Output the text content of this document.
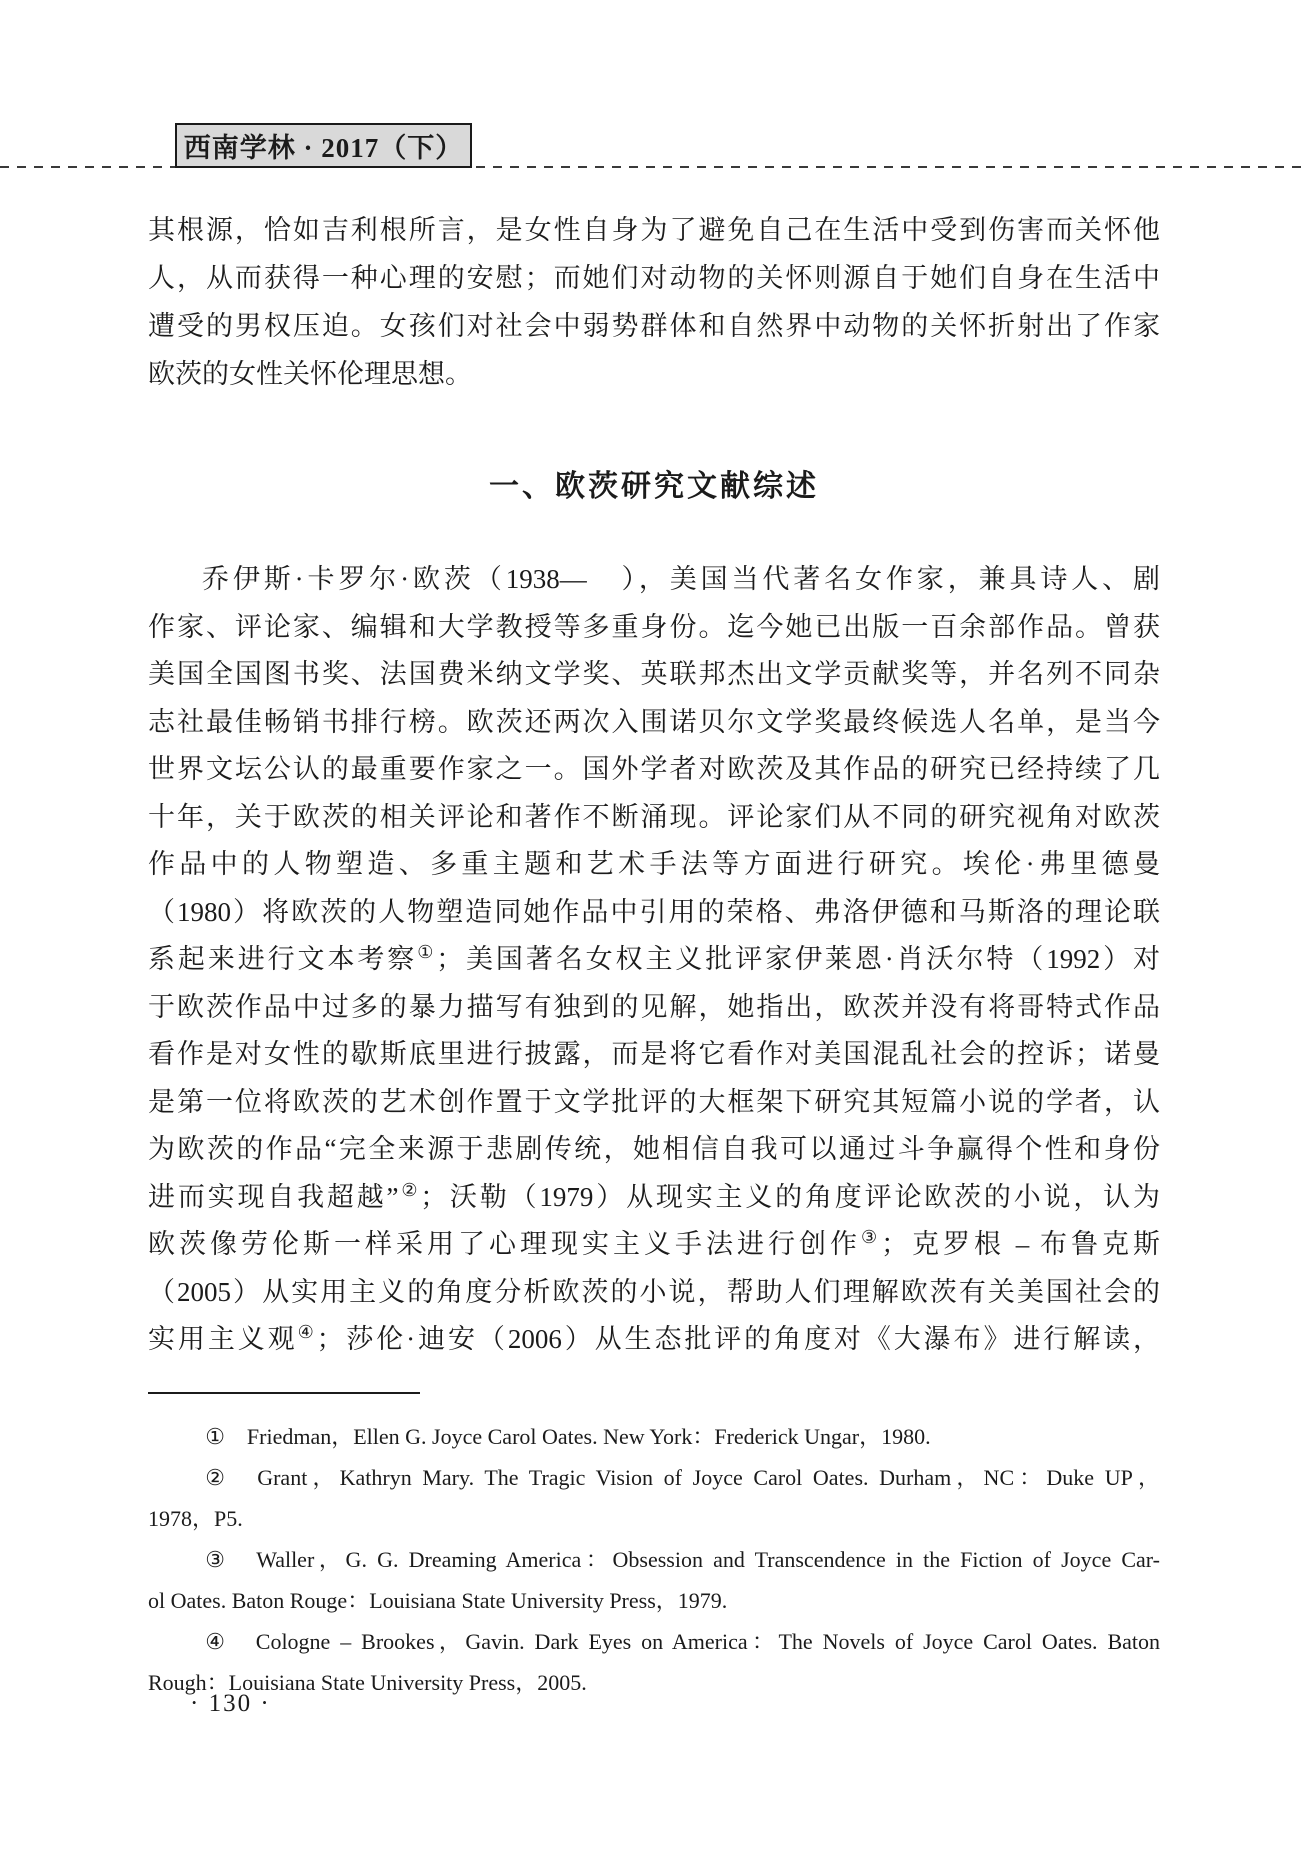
西南学林 · 2017（下）
其根源，恰如吉利根所言，是女性自身为了避免自己在生活中受到伤害而关怀他
人，从而获得一种心理的安慰；而她们对动物的关怀则源自于她们自身在生活中
遭受的男权压迫。女孩们对社会中弱势群体和自然界中动物的关怀折射出了作家
欧茨的女性关怀伦理思想。
一、欧茨研究文献综述
乔伊斯·卡罗尔·欧茨（1938—　），美国当代著名女作家，兼具诗人、剧
作家、评论家、编辑和大学教授等多重身份。迄今她已出版一百余部作品。曾获
美国全国图书奖、法国费米纳文学奖、英联邦杰出文学贡献奖等，并名列不同杂
志社最佳畅销书排行榜。欧茨还两次入围诺贝尔文学奖最终候选人名单，是当今
世界文坛公认的最重要作家之一。国外学者对欧茨及其作品的研究已经持续了几
十年，关于欧茨的相关评论和著作不断涌现。评论家们从不同的研究视角对欧茨
作品中的人物塑造、多重主题和艺术手法等方面进行研究。埃伦·弗里德曼
（1980）将欧茨的人物塑造同她作品中引用的荣格、弗洛伊德和马斯洛的理论联
系起来进行文本考察①；美国著名女权主义批评家伊莱恩·肖沃尔特（1992）对
于欧茨作品中过多的暴力描写有独到的见解，她指出，欧茨并没有将哥特式作品
看作是对女性的歇斯底里进行披露，而是将它看作对美国混乱社会的控诉；诺曼
是第一位将欧茨的艺术创作置于文学批评的大框架下研究其短篇小说的学者，认
为欧茨的作品“完全来源于悲剧传统，她相信自我可以通过斗争赢得个性和身份
进而实现自我超越”②；沃勒（1979）从现实主义的角度评论欧茨的小说，认为
欧茨像劳伦斯一样采用了心理现实主义手法进行创作③；克罗根 – 布鲁克斯
（2005）从实用主义的角度分析欧茨的小说，帮助人们理解欧茨有关美国社会的
实用主义观④；莎伦·迪安（2006）从生态批评的角度对《大瀑布》进行解读，
①　Friedman，Ellen G. Joyce Carol Oates. New York：Frederick Ungar，1980.
②　Grant，Kathryn Mary. The Tragic Vision of Joyce Carol Oates. Durham，NC：Duke UP，
1978，P5.
③　Waller，G. G. Dreaming America：Obsession and Transcendence in the Fiction of Joyce Car-
ol Oates. Baton Rouge：Louisiana State University Press，1979.
④　Cologne – Brookes，Gavin. Dark Eyes on America：The Novels of Joyce Carol Oates. Baton
Rough：Louisiana State University Press，2005.
· 130 ·
